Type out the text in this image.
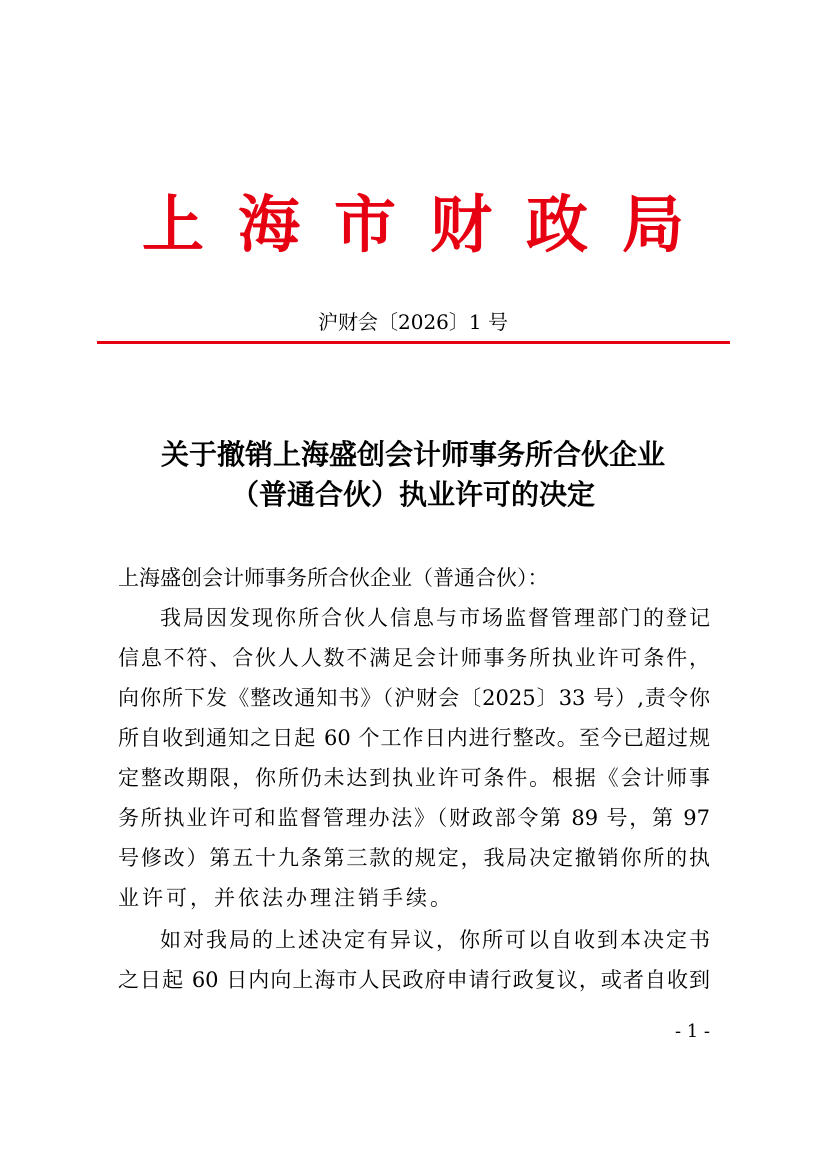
上海市财政局
沪财会〔2026〕1 号
关于撤销上海盛创会计师事务所合伙企业
（普通合伙）执业许可的决定
上海盛创会计师事务所合伙企业（普通合伙）：
我局因发现你所合伙人信息与市场监督管理部门的登记
信息不符、合伙人人数不满足会计师事务所执业许可条件，
向你所下发《整改通知书》（沪财会〔2025〕33 号）,责令你
所自收到通知之日起 60 个工作日内进行整改。至今已超过规
定整改期限，你所仍未达到执业许可条件。根据《会计师事
务所执业许可和监督管理办法》（财政部令第 89 号，第 97
号修改）第五十九条第三款的规定，我局决定撤销你所的执
业许可，并依法办理注销手续。
如对我局的上述决定有异议，你所可以自收到本决定书
之日起 60 日内向上海市人民政府申请行政复议，或者自收到
- 1 -
